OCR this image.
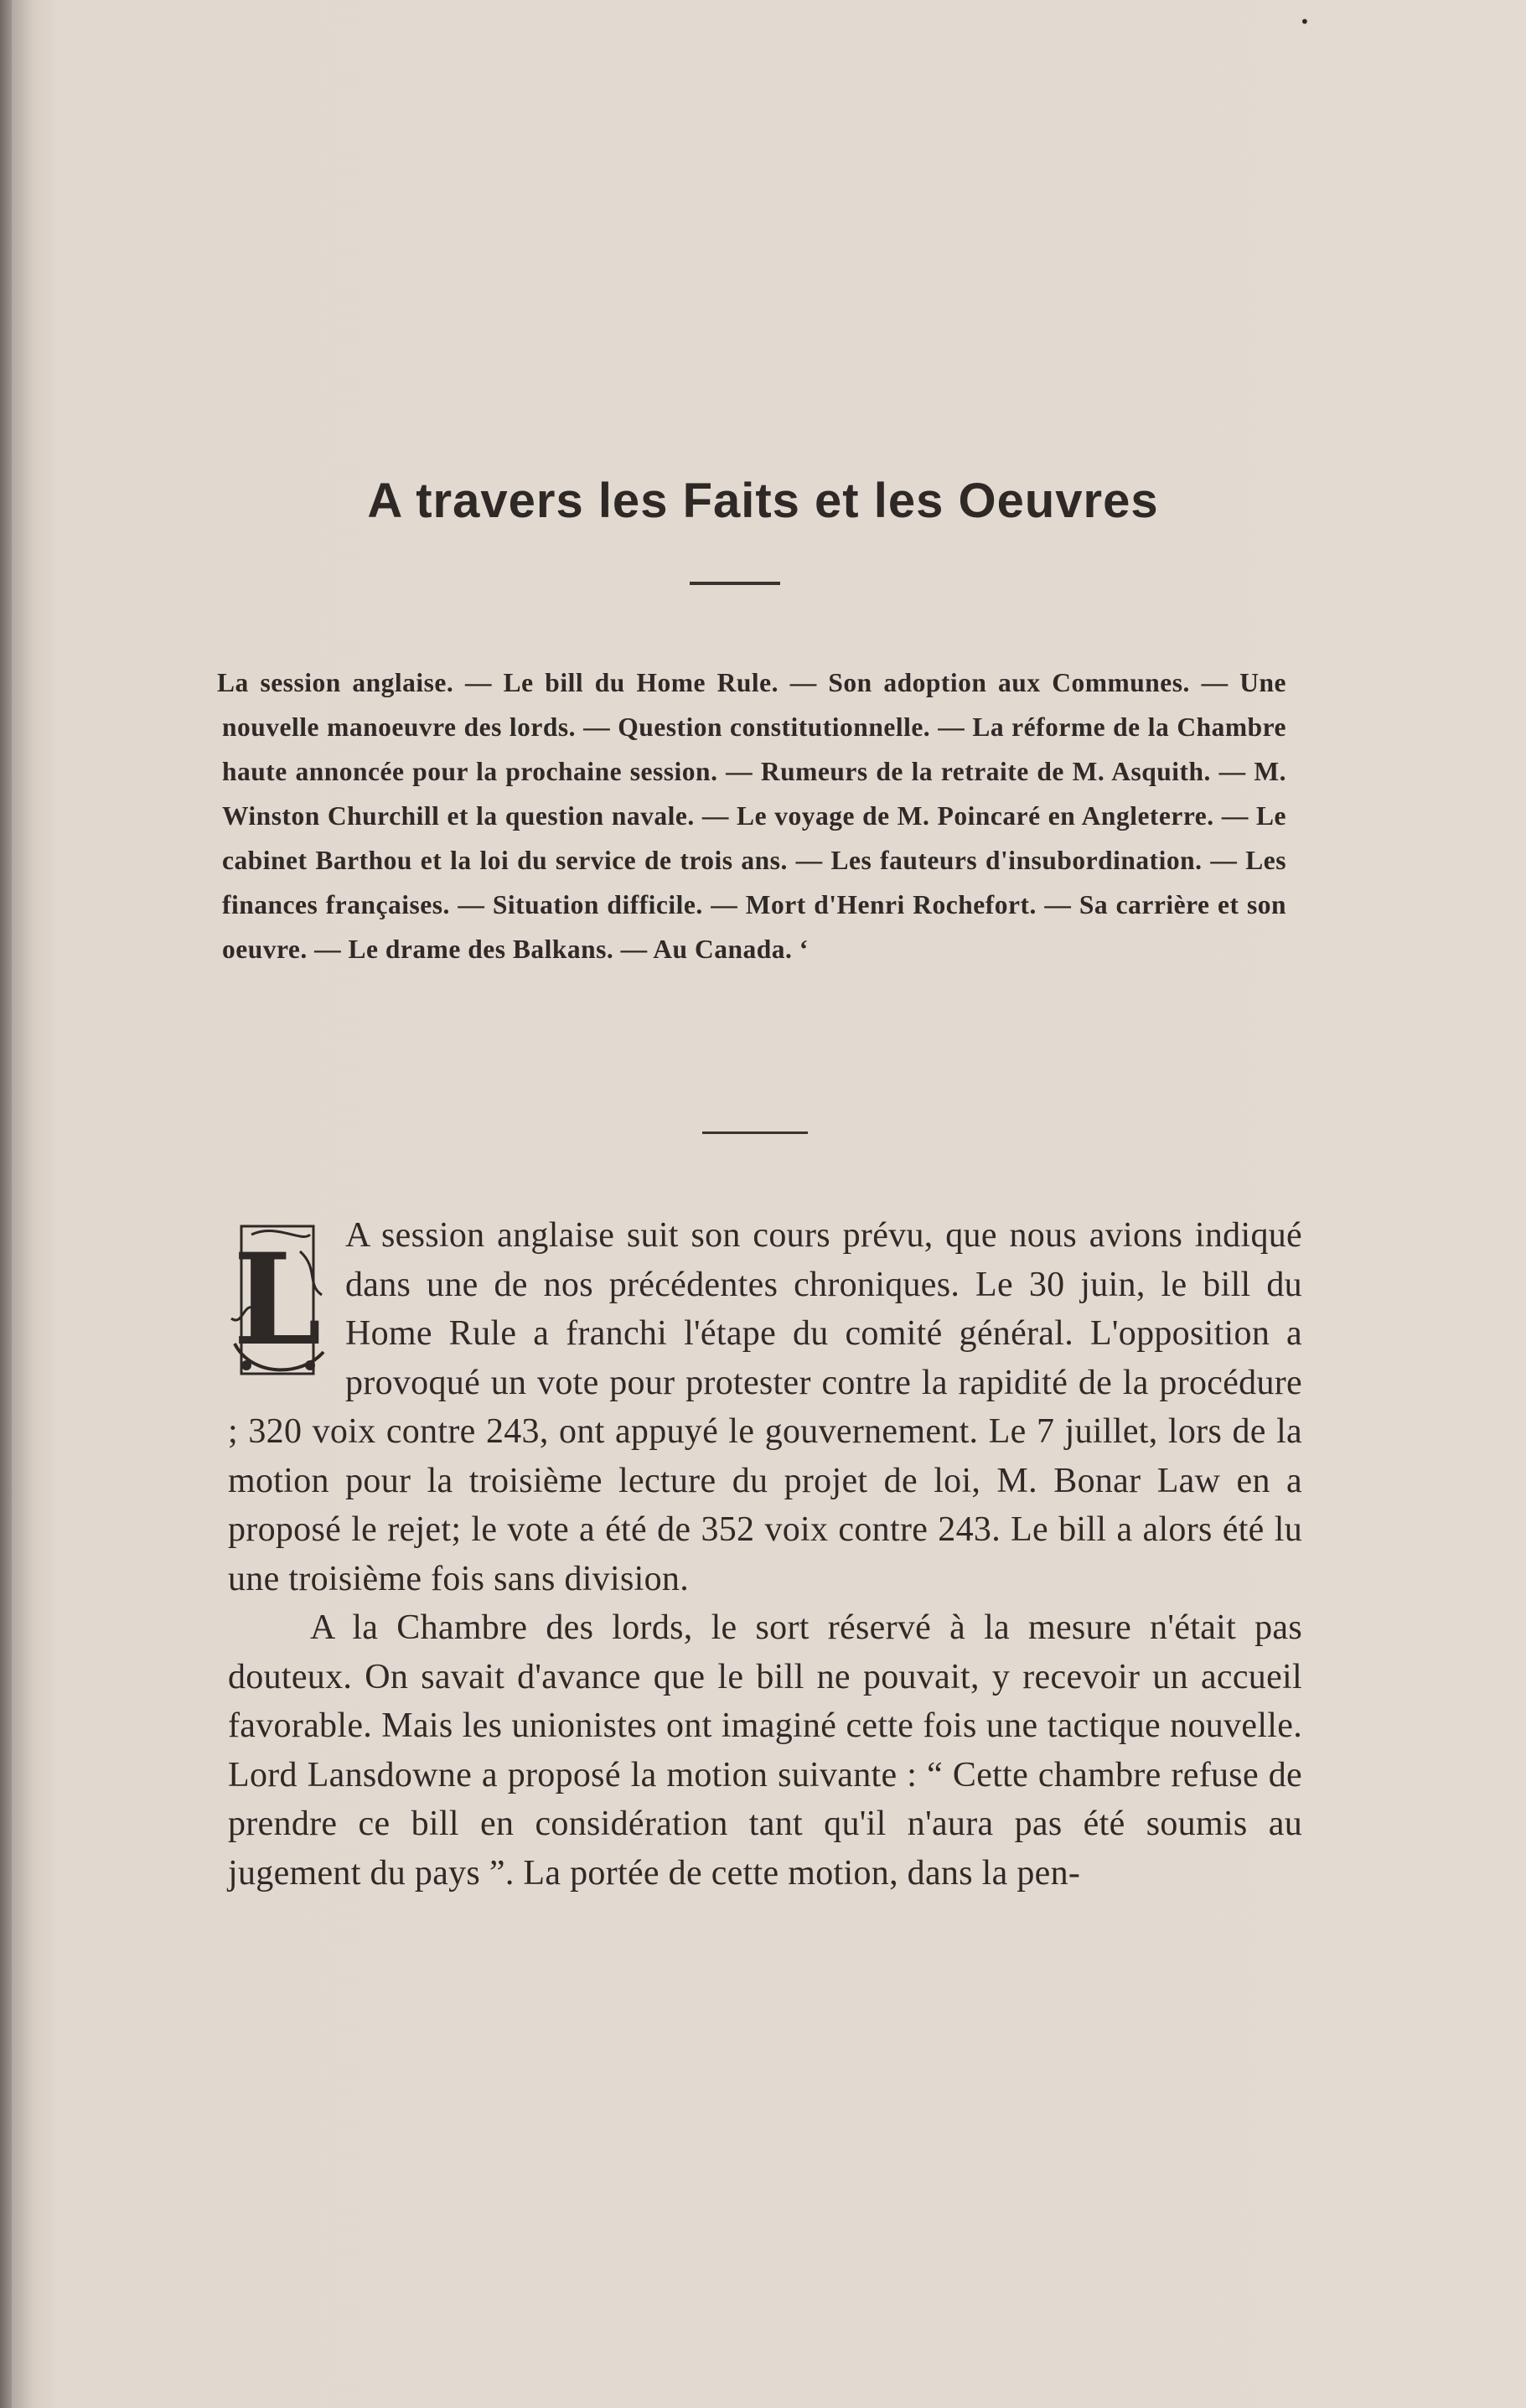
•
A travers les Faits et les Oeuvres

La session anglaise. — Le bill du Home Rule. — Son adoption aux Communes. — Une nouvelle manoeuvre des lords. — Question constitutionnelle. — La réforme de la Chambre haute annoncée pour la prochaine session. — Rumeurs de la retraite de M. Asquith. — M. Winston Churchill et la question navale. — Le voyage de M. Poincaré en Angleterre. — Le cabinet Barthou et la loi du service de trois ans. — Les fauteurs d'insubordination. — Les finances françaises. — Situation difficile. — Mort d'Henri Rochefort. — Sa carrière et son oeuvre. — Le drame des Balkans. — Au Canada. ‘

L A session anglaise suit son cours prévu, que nous avions indiqué dans une de nos précédentes chroniques. Le 30 juin, le bill du Home Rule a franchi l'étape du comité général. L'opposition a provoqué un vote pour protester contre la rapidité de la procédure ; 320 voix contre 243, ont appuyé le gouvernement. Le 7 juillet, lors de la motion pour la troisième lecture du projet de loi, M. Bonar Law en a proposé le rejet; le vote a été de 352 voix contre 243. Le bill a alors été lu une troisième fois sans division.

A la Chambre des lords, le sort réservé à la mesure n'était pas douteux. On savait d'avance que le bill ne pouvait, y recevoir un accueil favorable. Mais les unionistes ont imaginé cette fois une tactique nouvelle. Lord Lansdowne a proposé la motion suivante : “ Cette chambre refuse de prendre ce bill en considération tant qu'il n'aura pas été soumis au jugement du pays ”. La portée de cette motion, dans la pen-
